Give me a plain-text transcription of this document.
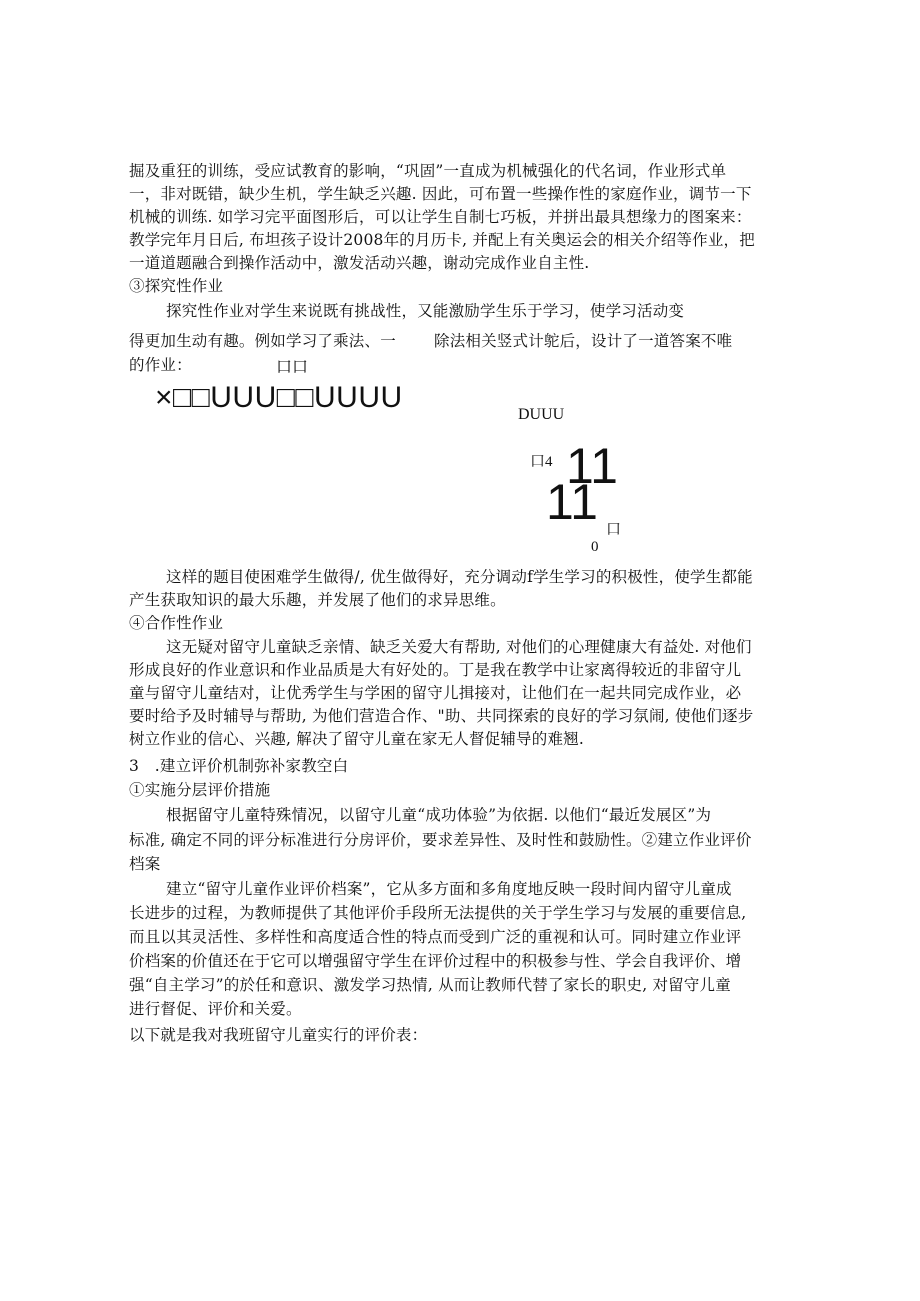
掘及重狂的训练，受应试教育的影响，“巩固”一直成为机械强化的代名词，作业形式单
一，非对既错，缺少生机，学生缺乏兴趣. 因此，可布置一些操作性的家庭作业，调节一下
机械的训练. 如学习完平面图形后，可以让学生自制七巧板，并拼出最具想缘力的图案来：
教学完年月日后, 布坦孩子设计2008年的月历卡, 并配上有关奥运会的相关介绍等作业，把
一道道题融合到操作活动中，激发活动兴趣，谢动完成作业自主性.
③探究性作业
探究性作业对学生来说既有挑战性，又能激励学生乐于学习，使学习活动变
得更加生动有趣。例如学习了乘法、一 除法相关竖式计鸵后，设计了一道答案不唯
的作业：	口口
×□□UUU□□UUUU
DUUU
口4 11
11 口
0
这样的题目使困难学生做得/, 优生做得好，充分调动f学生学习的积极性，使学生都能
产生获取知识的最大乐趣，并发展了他们的求异思维。
④合作性作业
这无疑对留守儿童缺乏亲情、缺乏关爱大有帮助, 对他们的心理健康大有益处. 对他们
形成良好的作业意识和作业品质是大有好处的。丁是我在教学中让家离得较近的非留守儿
童与留守儿童结对，让优秀学生与学困的留守儿揖接对，让他们在一起共同完成作业，必
要时给予及时辅导与帮助, 为他们营造合作、"助、共同探索的良好的学习氛闹, 使他们逐步
树立作业的信心、兴趣, 解决了留守儿童在家无人督促辅导的难翘.
3　.建立评价机制弥补家教空白
①实施分层评价措施
根据留守儿童特殊情况，以留守儿童“成功体验”为依据. 以他们“最近发展区”为
标准, 确定不同的评分标准进行分房评价，要求差异性、及时性和鼓励性。②建立作业评价
档案
建立“留守儿童作业评价档案”，它从多方面和多角度地反映一段时间内留守儿童成
长进步的过程，为教师提供了其他评价手段所无法提供的关于学生学习与发展的重要信息,
而且以其灵活性、多样性和高度适合性的特点而受到广泛的重视和认可。同时建立作业评
价档案的价值还在于它可以增强留守学生在评价过程中的积极参与性、学会自我评价、增
强“自主学习”的於任和意识、激发学习热情, 从而让教师代替了家长的职史, 对留守儿童
进行督促、评价和关爱。
以下就是我对我班留守儿童实行的评价表：
